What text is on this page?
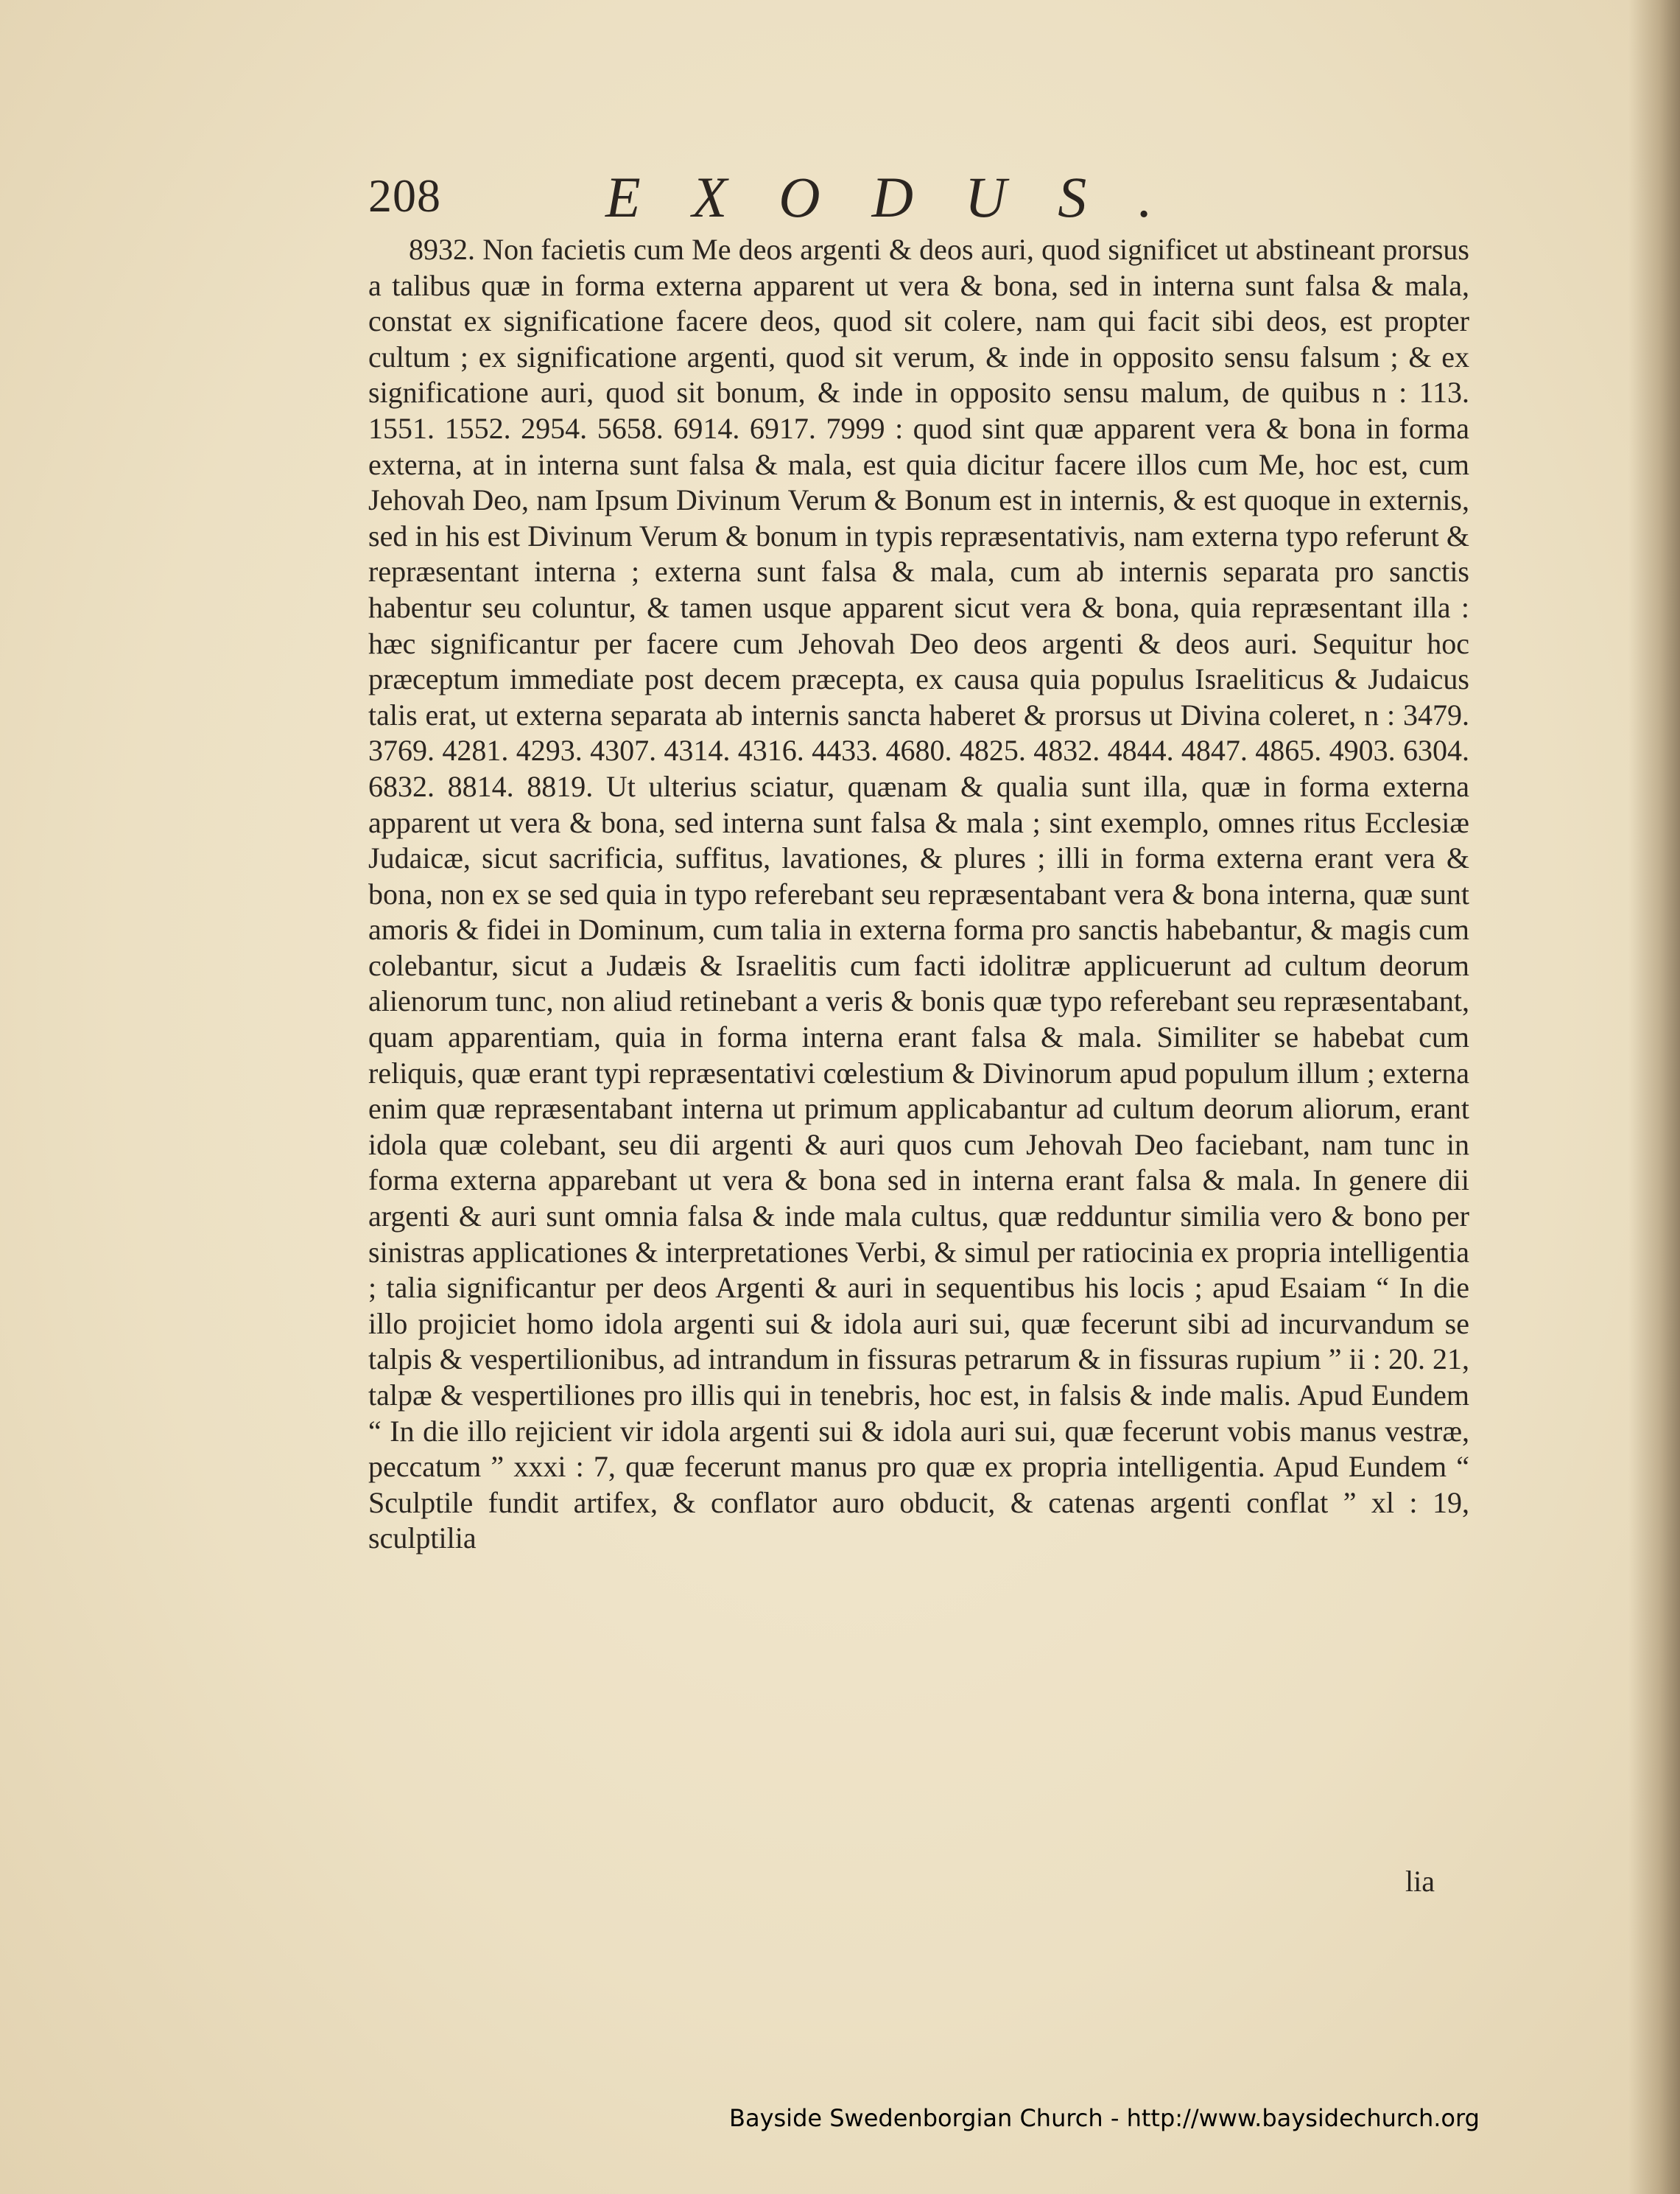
208	EXODUS.

8932. Non facietis cum Me deos argenti & deos auri, quod significet ut abstineant prorsus a talibus quæ in forma externa apparent ut vera & bona, sed in interna sunt falsa & mala, constat ex significatione facere deos, quod sit colere, nam qui facit sibi deos, est propter cultum ; ex significatione argenti, quod sit verum, & inde in opposito sensu falsum ; & ex significatione auri, quod sit bonum, & inde in opposito sensu malum, de quibus n : 113. 1551. 1552. 2954. 5658. 6914. 6917. 7999 : quod sint quæ apparent vera & bona in forma externa, at in interna sunt falsa & mala, est quia dicitur facere illos cum Me, hoc est, cum Jehovah Deo, nam Ipsum Divinum Verum & Bonum est in internis, & est quoque in externis, sed in his est Divinum Verum & bonum in typis repræsentativis, nam externa typo referunt & repræsentant interna ; externa sunt falsa & mala, cum ab internis separata pro sanctis habentur seu coluntur, & tamen usque apparent sicut vera & bona, quia repræsentant illa : hæc significantur per facere cum Jehovah Deo deos argenti & deos auri. Sequitur hoc præceptum immediate post decem præcepta, ex causa quia populus Israeliticus & Judaicus talis erat, ut externa separata ab internis sancta haberet & prorsus ut Divina coleret, n : 3479. 3769. 4281. 4293. 4307. 4314. 4316. 4433. 4680. 4825. 4832. 4844. 4847. 4865. 4903. 6304. 6832. 8814. 8819. Ut ulterius sciatur, quænam & qualia sunt illa, quæ in forma externa apparent ut vera & bona, sed interna sunt falsa & mala ; sint exemplo, omnes ritus Ecclesiæ Judaicæ, sicut sacrificia, suffitus, lavationes, & plures ; illi in forma externa erant vera & bona, non ex se sed quia in typo referebant seu repræsentabant vera & bona interna, quæ sunt amoris & fidei in Dominum, cum talia in externa forma pro sanctis habebantur, & magis cum colebantur, sicut a Judæis & Israelitis cum facti idolitræ applicuerunt ad cultum deorum alienorum tunc, non aliud retinebant a veris & bonis quæ typo referebant seu repræsentabant, quam apparentiam, quia in forma interna erant falsa & mala. Similiter se habebat cum reliquis, quæ erant typi repræsentativi cœlestium & Divinorum apud populum illum ; externa enim quæ repræsentabant interna ut primum applicabantur ad cultum deorum aliorum, erant idola quæ colebant, seu dii argenti & auri quos cum Jehovah Deo faciebant, nam tunc in forma externa apparebant ut vera & bona sed in interna erant falsa & mala. In genere dii argenti & auri sunt omnia falsa & inde mala cultus, quæ redduntur similia vero & bono per sinistras applicationes & interpretationes Verbi, & simul per ratiocinia ex propria intelligentia ; talia significantur per deos Argenti & auri in sequentibus his locis ; apud Esaiam “ In die illo projiciet homo idola argenti sui & idola auri sui, quæ fecerunt sibi ad incurvandum se talpis & vespertilionibus, ad intrandum in fissuras petrarum & in fissuras rupium ” ii : 20. 21, talpæ & vespertiliones pro illis qui in tenebris, hoc est, in falsis & inde malis. Apud Eundem “ In die illo rejicient vir idola argenti sui & idola auri sui, quæ fecerunt vobis manus vestræ, peccatum ” xxxi : 7, quæ fecerunt manus pro quæ ex propria intelligentia. Apud Eundem “ Sculptile fundit artifex, & conflator auro obducit, & catenas argenti conflat ” xl : 19, sculptilia

lia
Bayside Swedenborgian Church - http://www.baysidechurch.org
